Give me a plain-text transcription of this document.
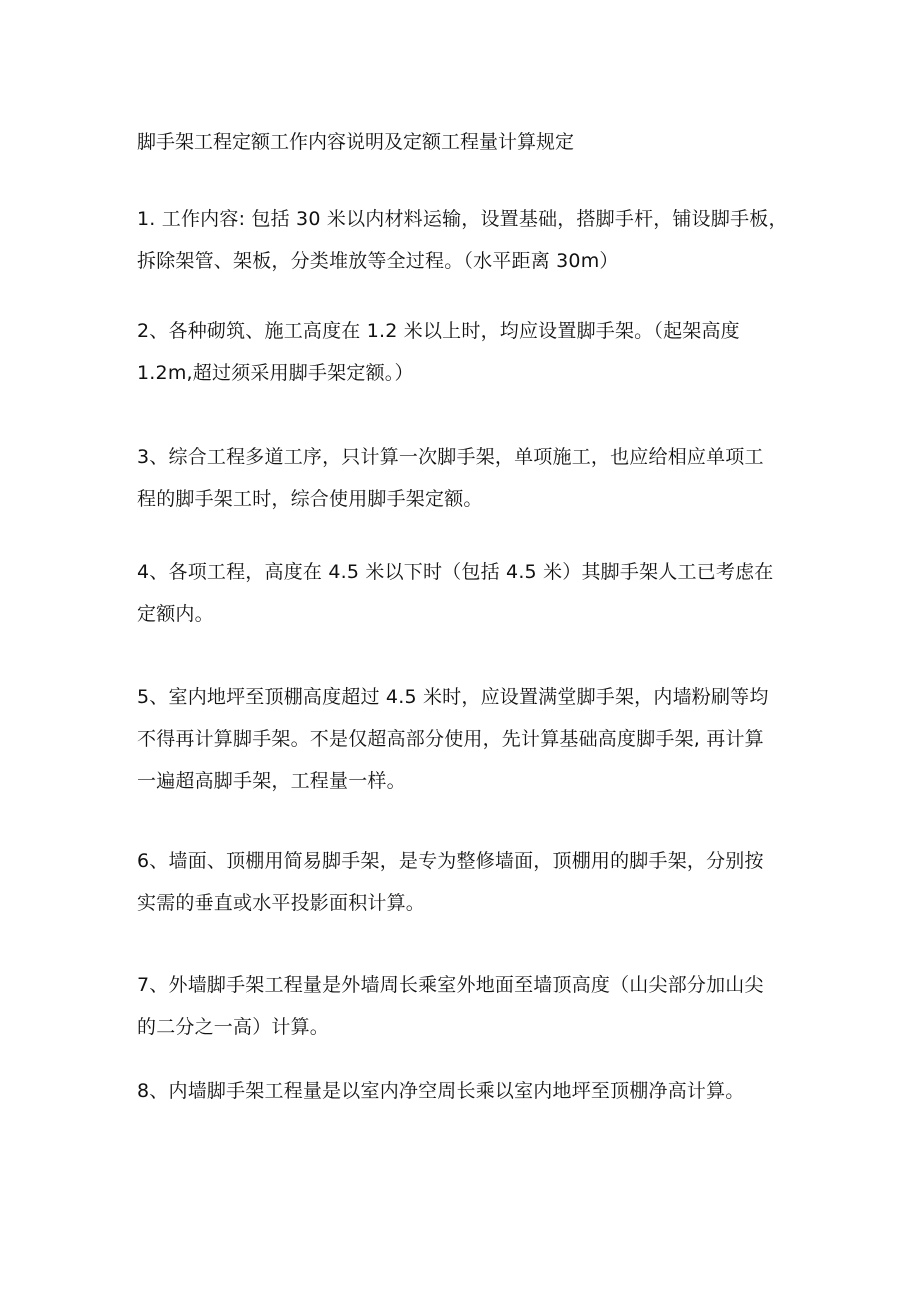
脚手架工程定额工作内容说明及定额工程量计算规定
1. 工作内容: 包括 30 米以内材料运输，设置基础，搭脚手杆，铺设脚手板，
拆除架管、架板，分类堆放等全过程。（水平距离 30m）
2、各种砌筑、施工高度在 1.2 米以上时，均应设置脚手架。（起架高度
1.2m,超过须采用脚手架定额。）
3、综合工程多道工序，只计算一次脚手架，单项施工，也应给相应单项工
程的脚手架工时，综合使用脚手架定额。
4、各项工程，高度在 4.5 米以下时（包括 4.5 米）其脚手架人工已考虑在
定额内。
5、室内地坪至顶棚高度超过 4.5 米时，应设置满堂脚手架，内墙粉刷等均
不得再计算脚手架。不是仅超高部分使用，先计算基础高度脚手架, 再计算
一遍超高脚手架，工程量一样。
6、墙面、顶棚用简易脚手架，是专为整修墙面，顶棚用的脚手架，分别按
实需的垂直或水平投影面积计算。
7、外墙脚手架工程量是外墙周长乘室外地面至墙顶高度（山尖部分加山尖
的二分之一高）计算。
8、内墙脚手架工程量是以室内净空周长乘以室内地坪至顶棚净高计算。
